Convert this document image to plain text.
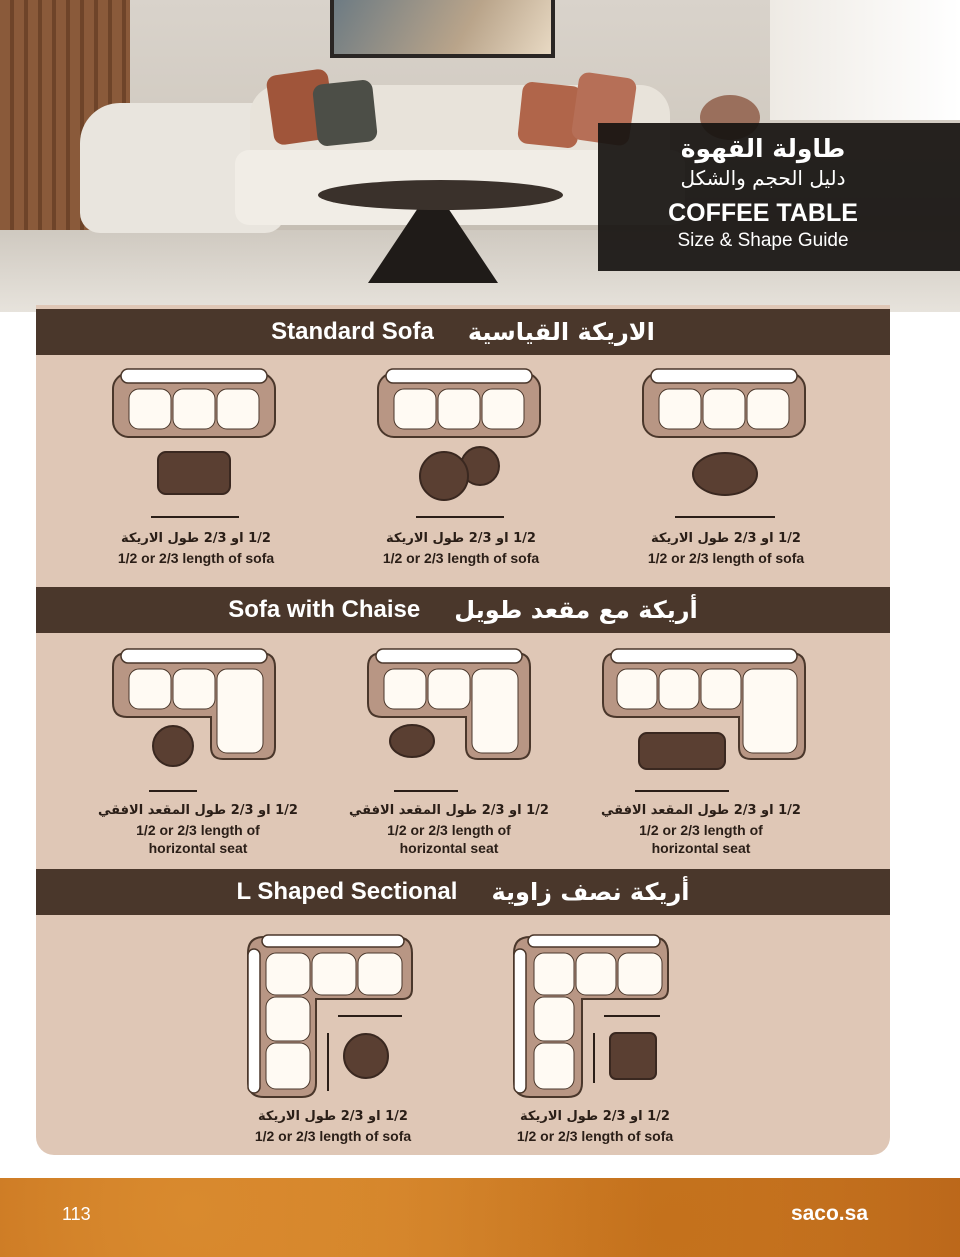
طاولة القهوة
دليل الحجم والشكل
COFFEE TABLE
Size & Shape Guide
Standard Sofa الاريكة القياسية
1/2 او 2/3 طول الاريكة
1/2 or 2/3 length of sofa
1/2 او 2/3 طول الاريكة
1/2 or 2/3 length of sofa
1/2 او 2/3 طول الاريكة
1/2 or 2/3 length of sofa
Sofa with Chaise أريكة مع مقعد طويل
1/2 او 2/3 طول المقعد الافقي
1/2 or 2/3 length of
horizontal seat
1/2 او 2/3 طول المقعد الافقي
1/2 or 2/3 length of
horizontal seat
1/2 او 2/3 طول المقعد الافقي
1/2 or 2/3 length of
horizontal seat
L Shaped Sectional أريكة نصف زاوية
1/2 او 2/3 طول الاريكة
1/2 or 2/3 length of sofa
1/2 او 2/3 طول الاريكة
1/2 or 2/3 length of sofa
113	saco.sa
